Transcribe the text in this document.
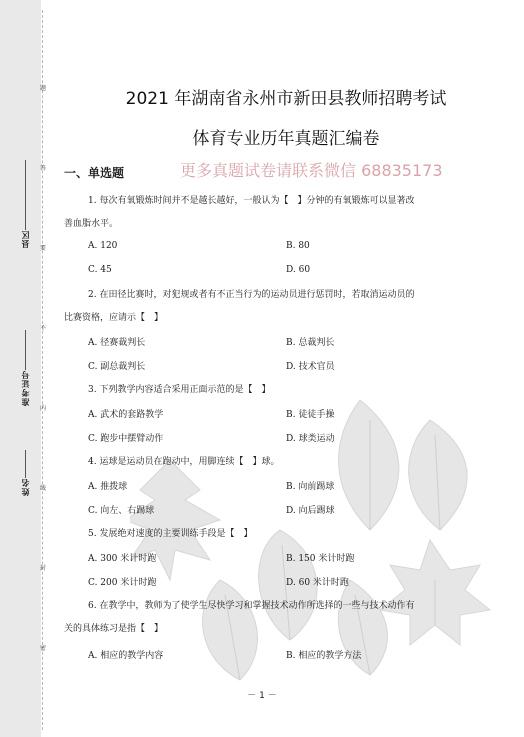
题
答
要
不
内
线
封
密
县区
准考证号
姓名
2021 年湖南省永州市新田县教师招聘考试
体育专业历年真题汇编卷
一、单选题	更多真题试卷请联系微信 68835173
1. 每次有氧锻炼时间并不是越长越好，一般认为【　】分钟的有氧锻炼可以显著改
善血脂水平。
A. 120	B. 80
C. 45	D. 60
2. 在田径比赛时，对犯规或者有不正当行为的运动员进行惩罚时，若取消运动员的
比赛资格，应请示【　】
A. 径赛裁判长	B. 总裁判长
C. 副总裁判长	D. 技术官员
3. 下列教学内容适合采用正面示范的是【　】
A. 武术的套路教学	B. 徒徒手操
C. 跑步中摆臂动作	D. 球类运动
4. 运球是运动员在跑动中，用脚连续【　】球。
A. 推拨球	B. 向前踢球
C. 向左、右踢球	D. 向后踢球
5. 发展绝对速度的主要训练手段是【　】
A. 300 米计时跑	B. 150 米计时跑
C. 200 米计时跑	D. 60 米计时跑
6. 在教学中，教师为了使学生尽快学习和掌握技术动作所选择的一些与技术动作有
关的具体练习是指【　】
A. 相应的教学内容	B. 相应的教学方法
－ 1 －
